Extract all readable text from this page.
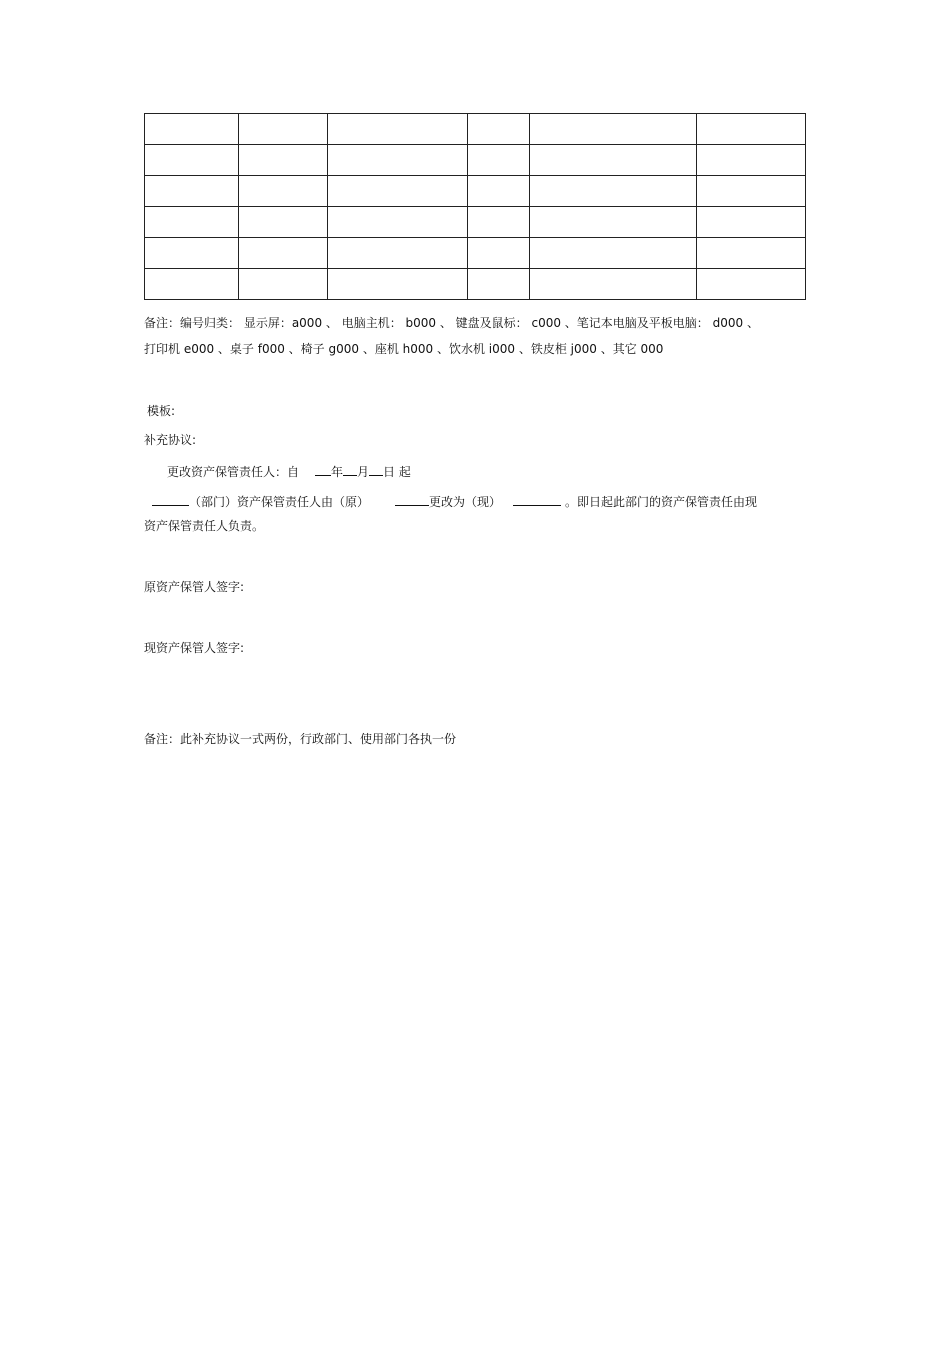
备注：编号归类： 显示屏：a000 、 电脑主机： b000 、 键盘及鼠标： c000 、笔记本电脑及平板电脑： d000 、
打印机 e000 、桌子 f000 、椅子 g000 、座机 h000 、饮水机 i000 、铁皮柜 j000 、其它 000
模板:
补充协议:
更改资产保管责任人：自	年 月 日 起
（部门）资产保管责任人由（原）	更改为（现）	。即日起此部门的资产保管责任由现
资产保管责任人负责。
原资产保管人签字:
现资产保管人签字:
备注：此补充协议一式两份，行政部门、使用部门各执一份
